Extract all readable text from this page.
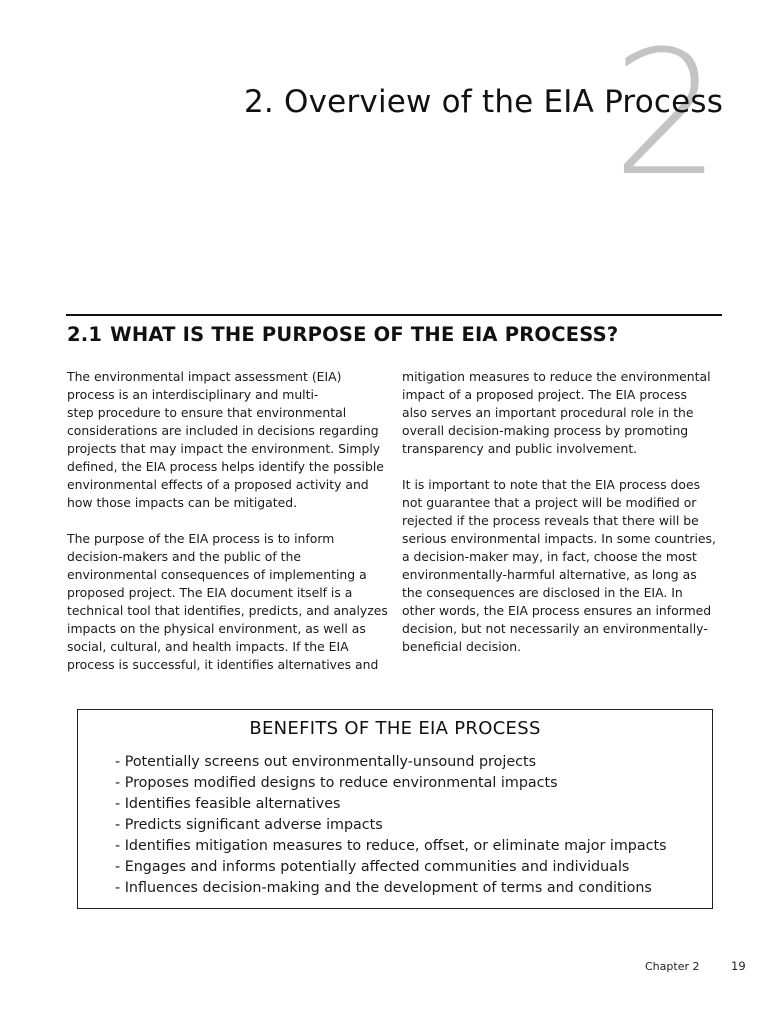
2
2. Overview of the EIA Process
2.1 WHAT IS THE PURPOSE OF THE EIA PROCESS?

The environmental impact assessment (EIA)
process is an interdisciplinary and multi-
step procedure to ensure that environmental
considerations are included in decisions regarding
projects that may impact the environment. Simply
defined, the EIA process helps identify the possible
environmental effects of a proposed activity and
how those impacts can be mitigated.

The purpose of the EIA process is to inform
decision-makers and the public of the
environmental consequences of implementing a
proposed project. The EIA document itself is a
technical tool that identifies, predicts, and analyzes
impacts on the physical environment, as well as
social, cultural, and health impacts. If the EIA
process is successful, it identifies alternatives and

mitigation measures to reduce the environmental
impact of a proposed project. The EIA process
also serves an important procedural role in the
overall decision-making process by promoting
transparency and public involvement.

It is important to note that the EIA process does
not guarantee that a project will be modified or
rejected if the process reveals that there will be
serious environmental impacts. In some countries,
a decision-maker may, in fact, choose the most
environmentally-harmful alternative, as long as
the consequences are disclosed in the EIA. In
other words, the EIA process ensures an informed
decision, but not necessarily an environmentally-
beneficial decision.

BENEFITS OF THE EIA PROCESS
- Potentially screens out environmentally-unsound projects
- Proposes modified designs to reduce environmental impacts
- Identifies feasible alternatives
- Predicts significant adverse impacts
- Identifies mitigation measures to reduce, offset, or eliminate major impacts
- Engages and informs potentially affected communities and individuals
- Influences decision-making and the development of terms and conditions
Chapter 2	19
